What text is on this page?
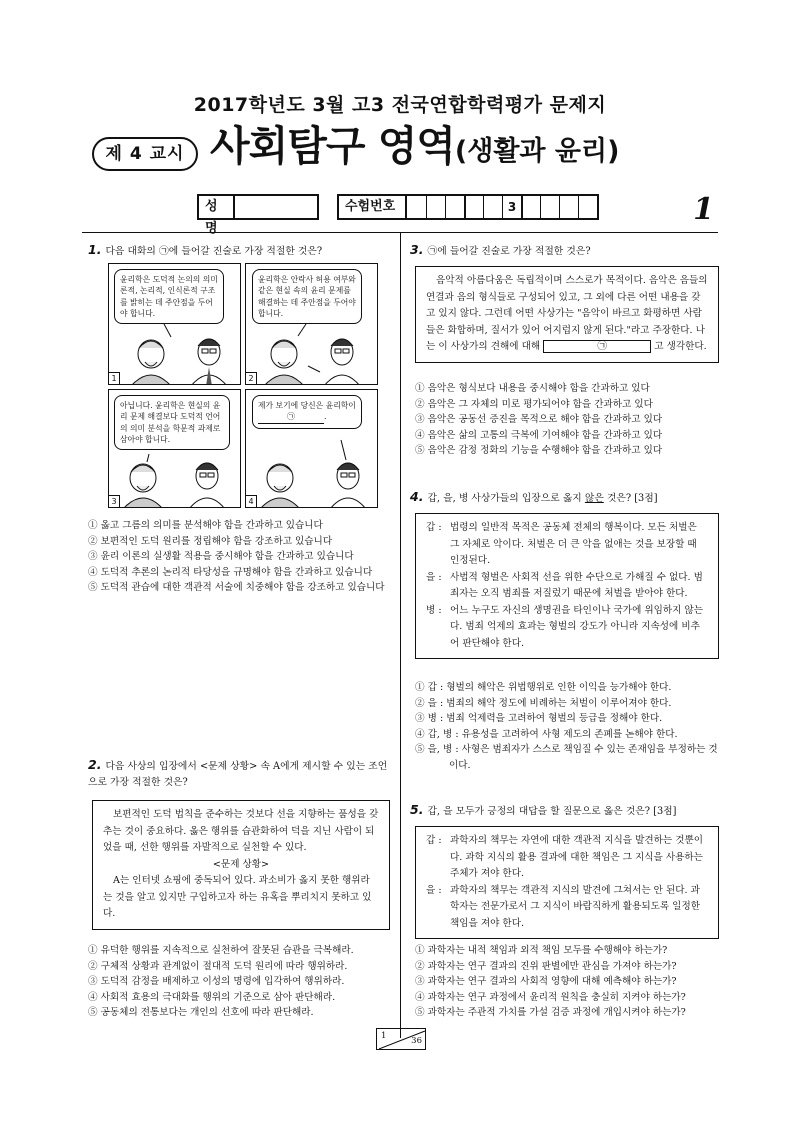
2017학년도 3월 고3 전국연합학력평가 문제지
제 4 교시 사회탐구 영역(생활과 윤리)
성명
수험번호	3	1
1. 다음 대화의 ㉠에 들어갈 진술로 가장 적절한 것은?
윤리학은 도덕적 논의의 의미론적, 논리적, 인식론적 구조를 밝히는 데 주안점을 두어야 합니다.
1
윤리학은 안락사 허용 여부와 같은 현실 속의 윤리 문제를 해결하는 데 주안점을 두어야 합니다.
2
아닙니다. 윤리학은 현실의 윤리 문제 해결보다 도덕적 언어의 의미 분석을 학문적 과제로 삼아야 합니다.
3
제가 보기에 당신은 윤리학이 ㉠	.
4
① 옳고 그름의 의미를 분석해야 함을 간과하고 있습니다
② 보편적인 도덕 원리를 정립해야 함을 강조하고 있습니다
③ 윤리 이론의 실생활 적용을 중시해야 함을 간과하고 있습니다
④ 도덕적 추론의 논리적 타당성을 규명해야 함을 간과하고 있습니다
⑤ 도덕적 관습에 대한 객관적 서술에 치중해야 함을 강조하고 있습니다
2. 다음 사상의 입장에서 <문제 상황> 속 A에게 제시할 수 있는 조언으로 가장 적절한 것은?
보편적인 도덕 법칙을 준수하는 것보다 선을 지향하는 품성을 갖추는 것이 중요하다. 옳은 행위를 습관화하여 덕을 지닌 사람이 되었을 때, 선한 행위를 자발적으로 실천할 수 있다.
<문제 상황>
A는 인터넷 쇼핑에 중독되어 있다. 과소비가 옳지 못한 행위라는 것을 알고 있지만 구입하고자 하는 유혹을 뿌리치지 못하고 있다.
① 유덕한 행위를 지속적으로 실천하여 잘못된 습관을 극복해라.
② 구체적 상황과 관계없이 절대적 도덕 원리에 따라 행위하라.
③ 도덕적 감정을 배제하고 이성의 명령에 입각하여 행위하라.
④ 사회적 효용의 극대화를 행위의 기준으로 삼아 판단해라.
⑤ 공동체의 전통보다는 개인의 선호에 따라 판단해라.
3. ㉠에 들어갈 진술로 가장 적절한 것은?
음악적 아름다움은 독립적이며 스스로가 목적이다. 음악은 음들의 연결과 음의 형식들로 구성되어 있고, 그 외에 다른 어떤 내용을 갖고 있지 않다. 그런데 어떤 사상가는 "음악이 바르고 화평하면 사람들은 화합하며, 질서가 있어 어지럽지 않게 된다."라고 주장한다. 나는 이 사상가의 견해에 대해	㉠	고 생각한다.
① 음악은 형식보다 내용을 중시해야 함을 간과하고 있다
② 음악은 그 자체의 미로 평가되어야 함을 간과하고 있다
③ 음악은 공동선 증진을 목적으로 해야 함을 간과하고 있다
④ 음악은 삶의 고통의 극복에 기여해야 함을 간과하고 있다
⑤ 음악은 감정 정화의 기능을 수행해야 함을 간과하고 있다
4. 갑, 을, 병 사상가들의 입장으로 옳지 않은 것은? [3점]
갑 : 법령의 일반적 목적은 공동체 전체의 행복이다. 모든 처벌은 그 자체로 악이다. 처벌은 더 큰 악을 없애는 것을 보장할 때 인정된다.
을 : 사법적 형벌은 사회적 선을 위한 수단으로 가해질 수 없다. 범죄자는 오직 범죄를 저질렀기 때문에 처벌을 받아야 한다.
병 : 어느 누구도 자신의 생명권을 타인이나 국가에 위임하지 않는다. 범죄 억제의 효과는 형벌의 강도가 아니라 지속성에 비추어 판단해야 한다.
① 갑 : 형벌의 해악은 위법행위로 인한 이익을 능가해야 한다.
② 을 : 범죄의 해악 정도에 비례하는 처벌이 이루어져야 한다.
③ 병 : 범죄 억제력을 고려하여 형벌의 등급을 정해야 한다.
④ 갑, 병 : 유용성을 고려하여 사형 제도의 존폐를 논해야 한다.
⑤ 을, 병 : 사형은 범죄자가 스스로 책임질 수 있는 존재임을 부정하는 것이다.
5. 갑, 을 모두가 긍정의 대답을 할 질문으로 옳은 것은? [3점]
갑 : 과학자의 책무는 자연에 대한 객관적 지식을 발견하는 것뿐이다. 과학 지식의 활용 결과에 대한 책임은 그 지식을 사용하는 주체가 져야 한다.
을 : 과학자의 책무는 객관적 지식의 발견에 그쳐서는 안 된다. 과학자는 전문가로서 그 지식이 바람직하게 활용되도록 일정한 책임을 져야 한다.
① 과학자는 내적 책임과 외적 책임 모두를 수행해야 하는가?
② 과학자는 연구 결과의 진위 판별에만 관심을 가져야 하는가?
③ 과학자는 연구 결과의 사회적 영향에 대해 예측해야 하는가?
④ 과학자는 연구 과정에서 윤리적 원칙을 충실히 지켜야 하는가?
⑤ 과학자는 주관적 가치를 가설 검증 과정에 개입시켜야 하는가?
1
36
